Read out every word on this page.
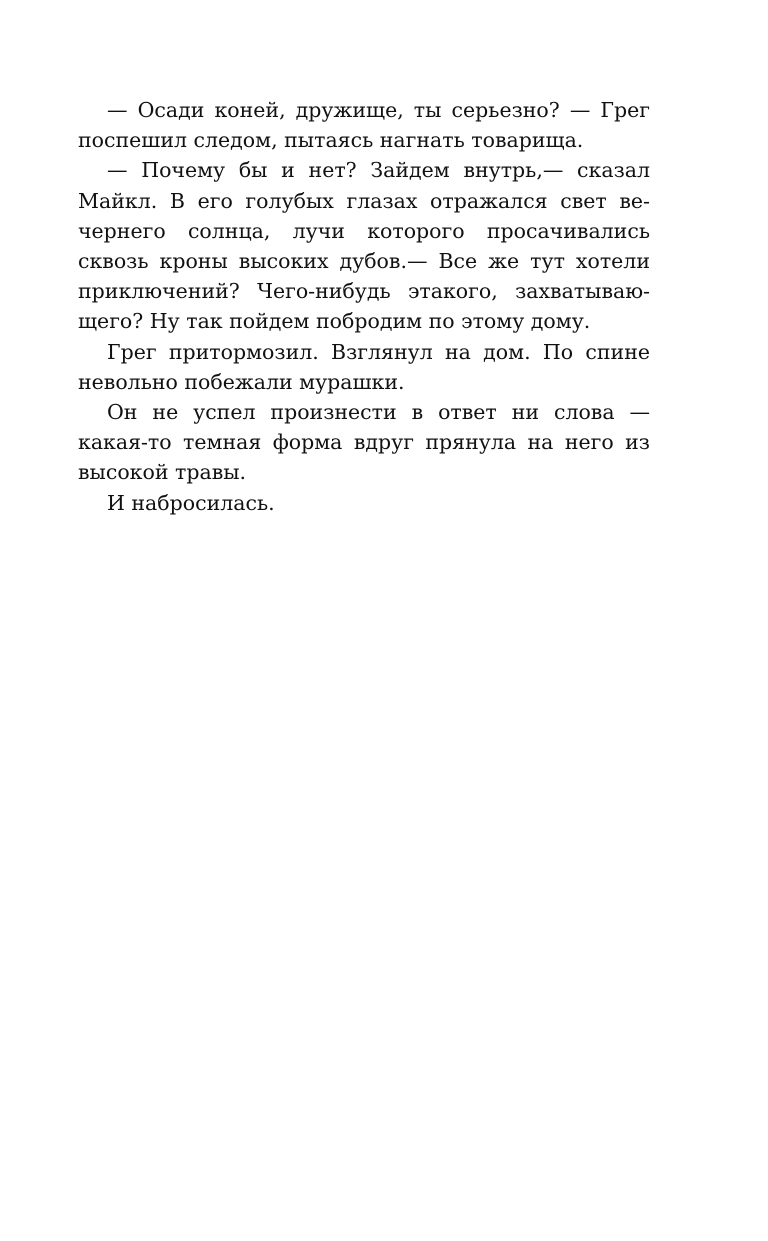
— Осади коней, дружище, ты серьезно? — Грег
поспешил следом, пытаясь нагнать товарища.
— Почему бы и нет? Зайдем внутрь,— сказал
Майкл. В его голубых глазах отражался свет ве-
чернего солнца, лучи которого просачивались
сквозь кроны высоких дубов.— Все же тут хотели
приключений? Чего-нибудь этакого, захватываю-
щего? Ну так пойдем побродим по этому дому.
Грег притормозил. Взглянул на дом. По спине
невольно побежали мурашки.
Он не успел произнести в ответ ни слова —
какая-то темная форма вдруг прянула на него из
высокой травы.
И набросилась.
